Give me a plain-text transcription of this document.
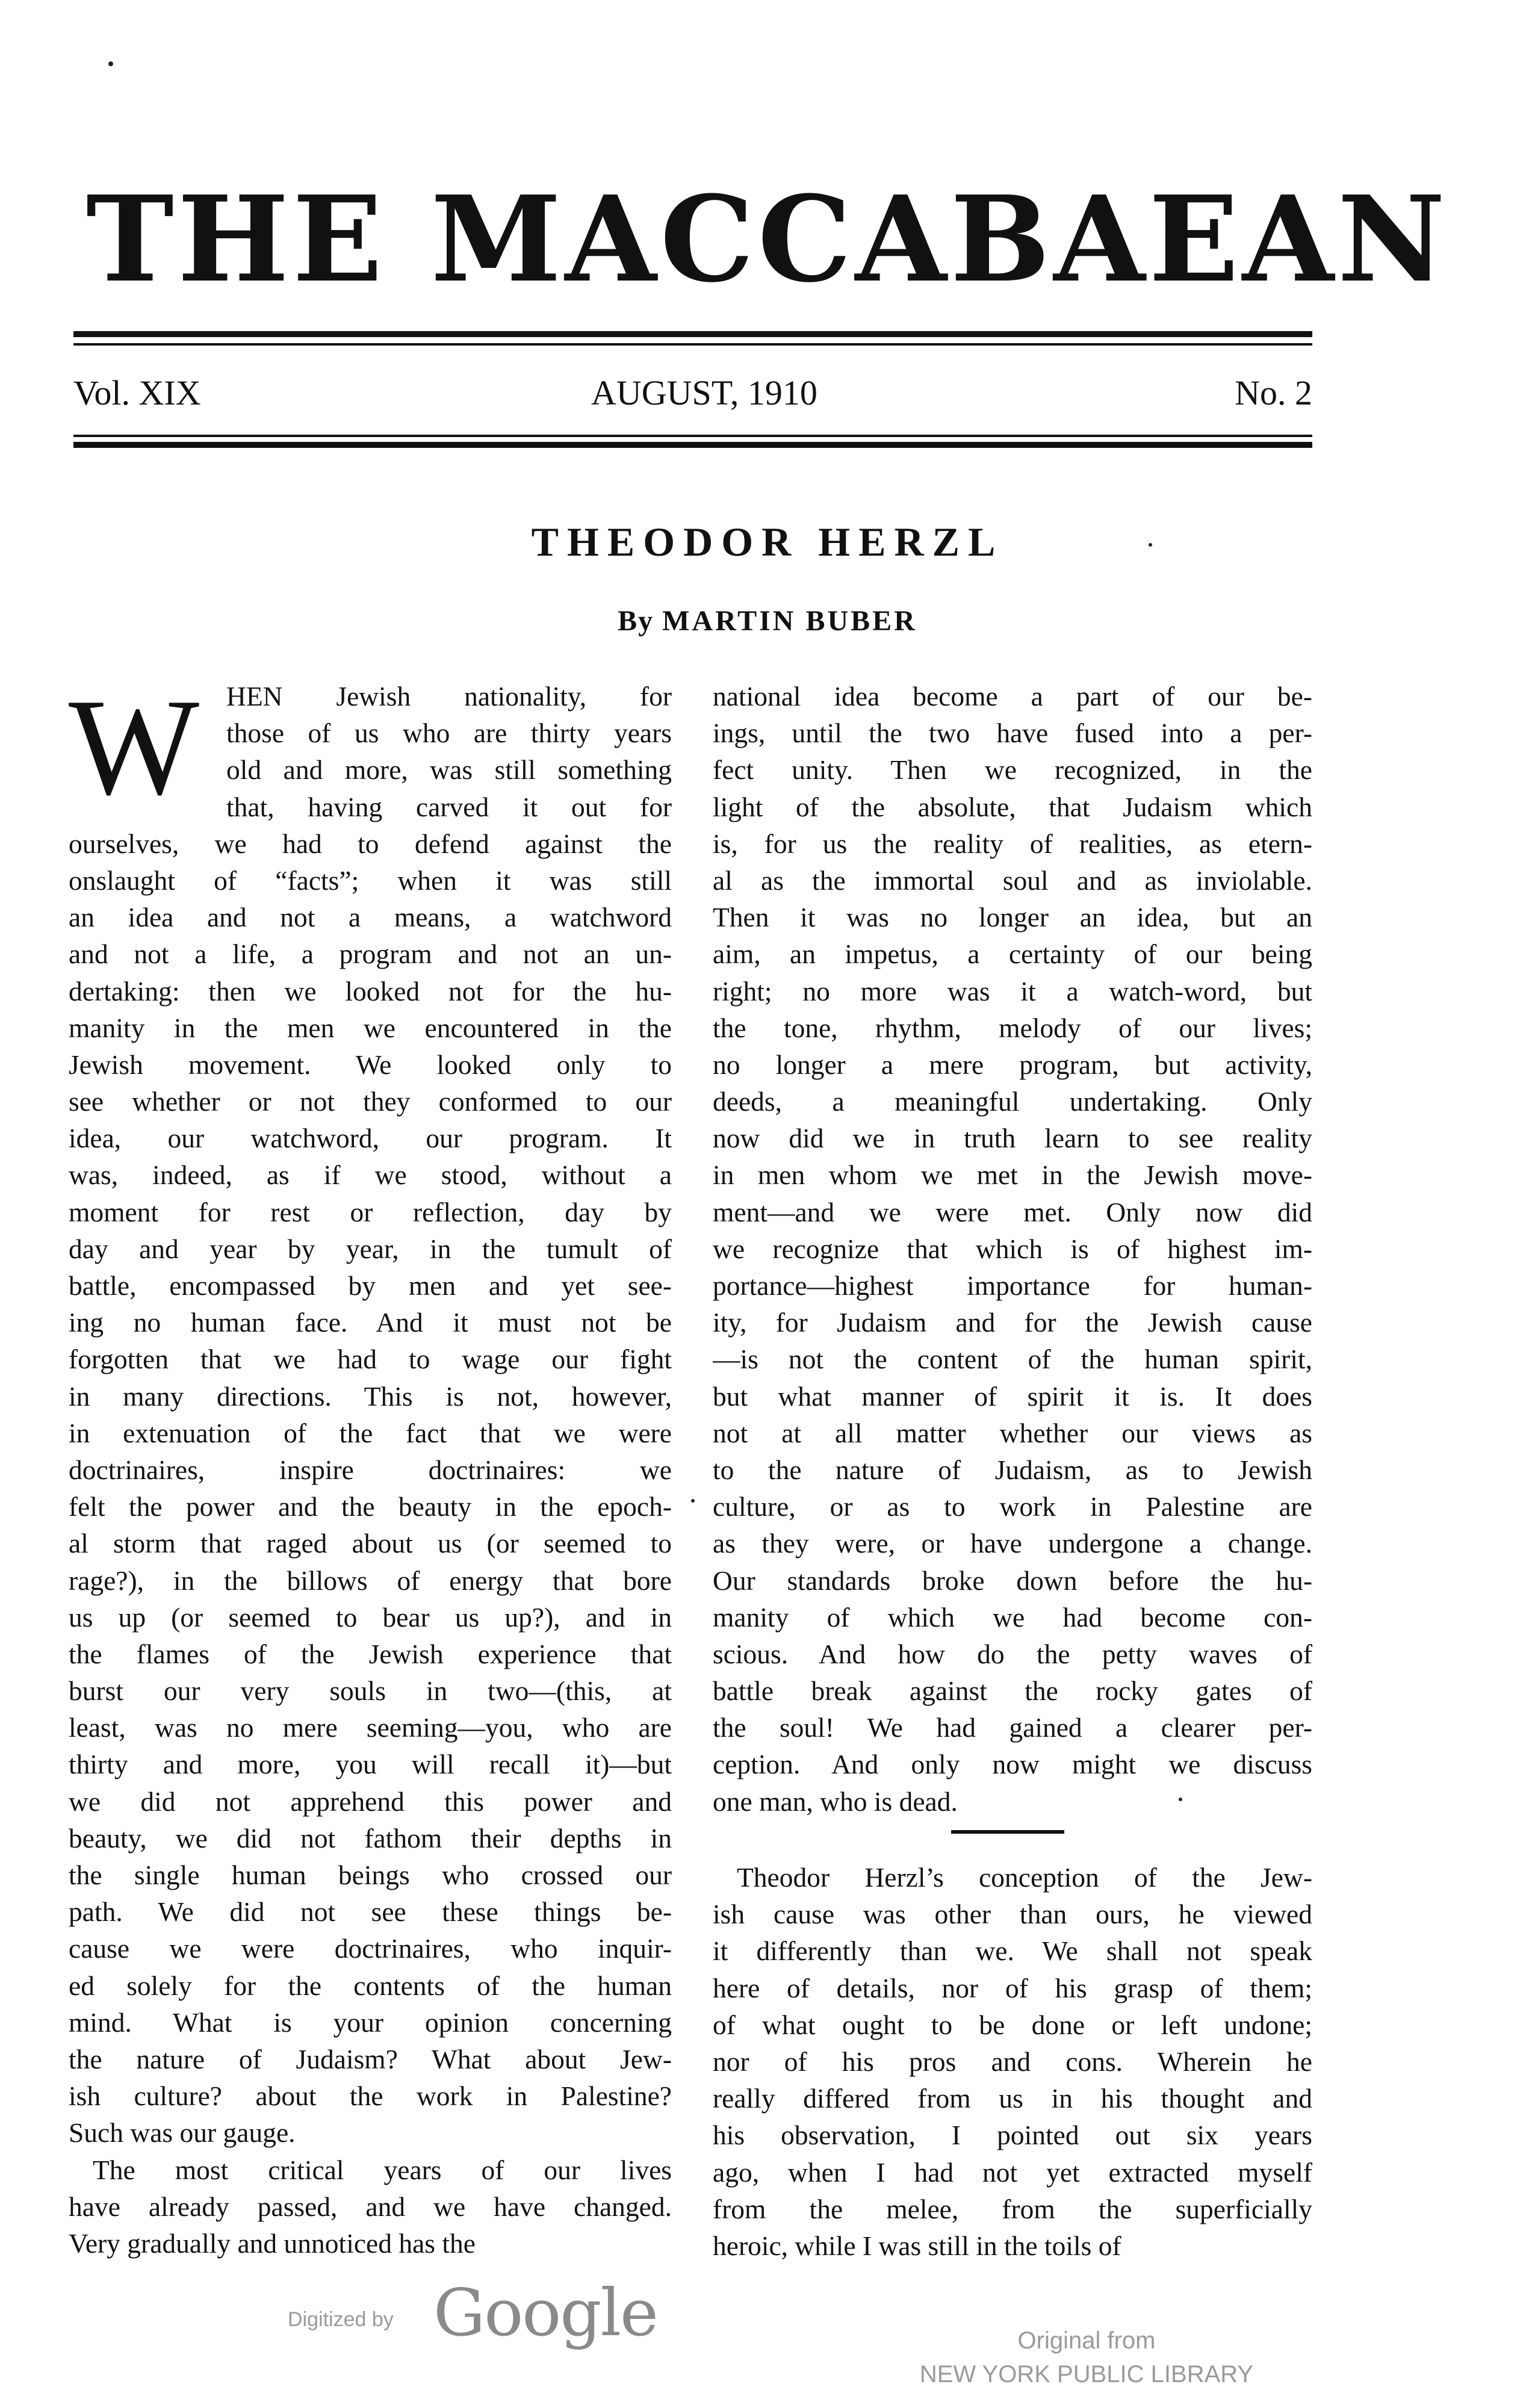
THE MACCABAEAN
Vol. XIX	AUGUST, 1910	No. 2
THEODOR HERZL
By MARTIN BUBER
W HEN Jewish nationality, for
those of us who are thirty years
old and more, was still something
that, having carved it out for
ourselves, we had to defend against the
onslaught of “facts”; when it was still
an idea and not a means, a watchword
and not a life, a program and not an un-
dertaking: then we looked not for the hu-
manity in the men we encountered in the
Jewish movement. We looked only to
see whether or not they conformed to our
idea, our watchword, our program. It
was, indeed, as if we stood, without a
moment for rest or reflection, day by
day and year by year, in the tumult of
battle, encompassed by men and yet see-
ing no human face. And it must not be
forgotten that we had to wage our fight
in many directions. This is not, however,
in extenuation of the fact that we were
doctrinaires, inspire doctrinaires: we
felt the power and the beauty in the epoch-
al storm that raged about us (or seemed to
rage?), in the billows of energy that bore
us up (or seemed to bear us up?), and in
the flames of the Jewish experience that
burst our very souls in two—(this, at
least, was no mere seeming—you, who are
thirty and more, you will recall it)—but
we did not apprehend this power and
beauty, we did not fathom their depths in
the single human beings who crossed our
path. We did not see these things be-
cause we were doctrinaires, who inquir-
ed solely for the contents of the human
mind. What is your opinion concerning
the nature of Judaism? What about Jew-
ish culture? about the work in Palestine?
Such was our gauge.
The most critical years of our lives
have already passed, and we have changed.
Very gradually and unnoticed has the
national idea become a part of our be-
ings, until the two have fused into a per-
fect unity. Then we recognized, in the
light of the absolute, that Judaism which
is, for us the reality of realities, as etern-
al as the immortal soul and as inviolable.
Then it was no longer an idea, but an
aim, an impetus, a certainty of our being
right; no more was it a watch-word, but
the tone, rhythm, melody of our lives;
no longer a mere program, but activity,
deeds, a meaningful undertaking. Only
now did we in truth learn to see reality
in men whom we met in the Jewish move-
ment—and we were met. Only now did
we recognize that which is of highest im-
portance—highest importance for human-
ity, for Judaism and for the Jewish cause
—is not the content of the human spirit,
but what manner of spirit it is. It does
not at all matter whether our views as
to the nature of Judaism, as to Jewish
culture, or as to work in Palestine are
as they were, or have undergone a change.
Our standards broke down before the hu-
manity of which we had become con-
scious. And how do the petty waves of
battle break against the rocky gates of
the soul! We had gained a clearer per-
ception. And only now might we discuss
one man, who is dead.
Theodor Herzl’s conception of the Jew-
ish cause was other than ours, he viewed
it differently than we. We shall not speak
here of details, nor of his grasp of them;
of what ought to be done or left undone;
nor of his pros and cons. Wherein he
really differed from us in his thought and
his observation, I pointed out six years
ago, when I had not yet extracted myself
from the melee, from the superficially
heroic, while I was still in the toils of
Digitized by Google	Original from
NEW YORK PUBLIC LIBRARY
